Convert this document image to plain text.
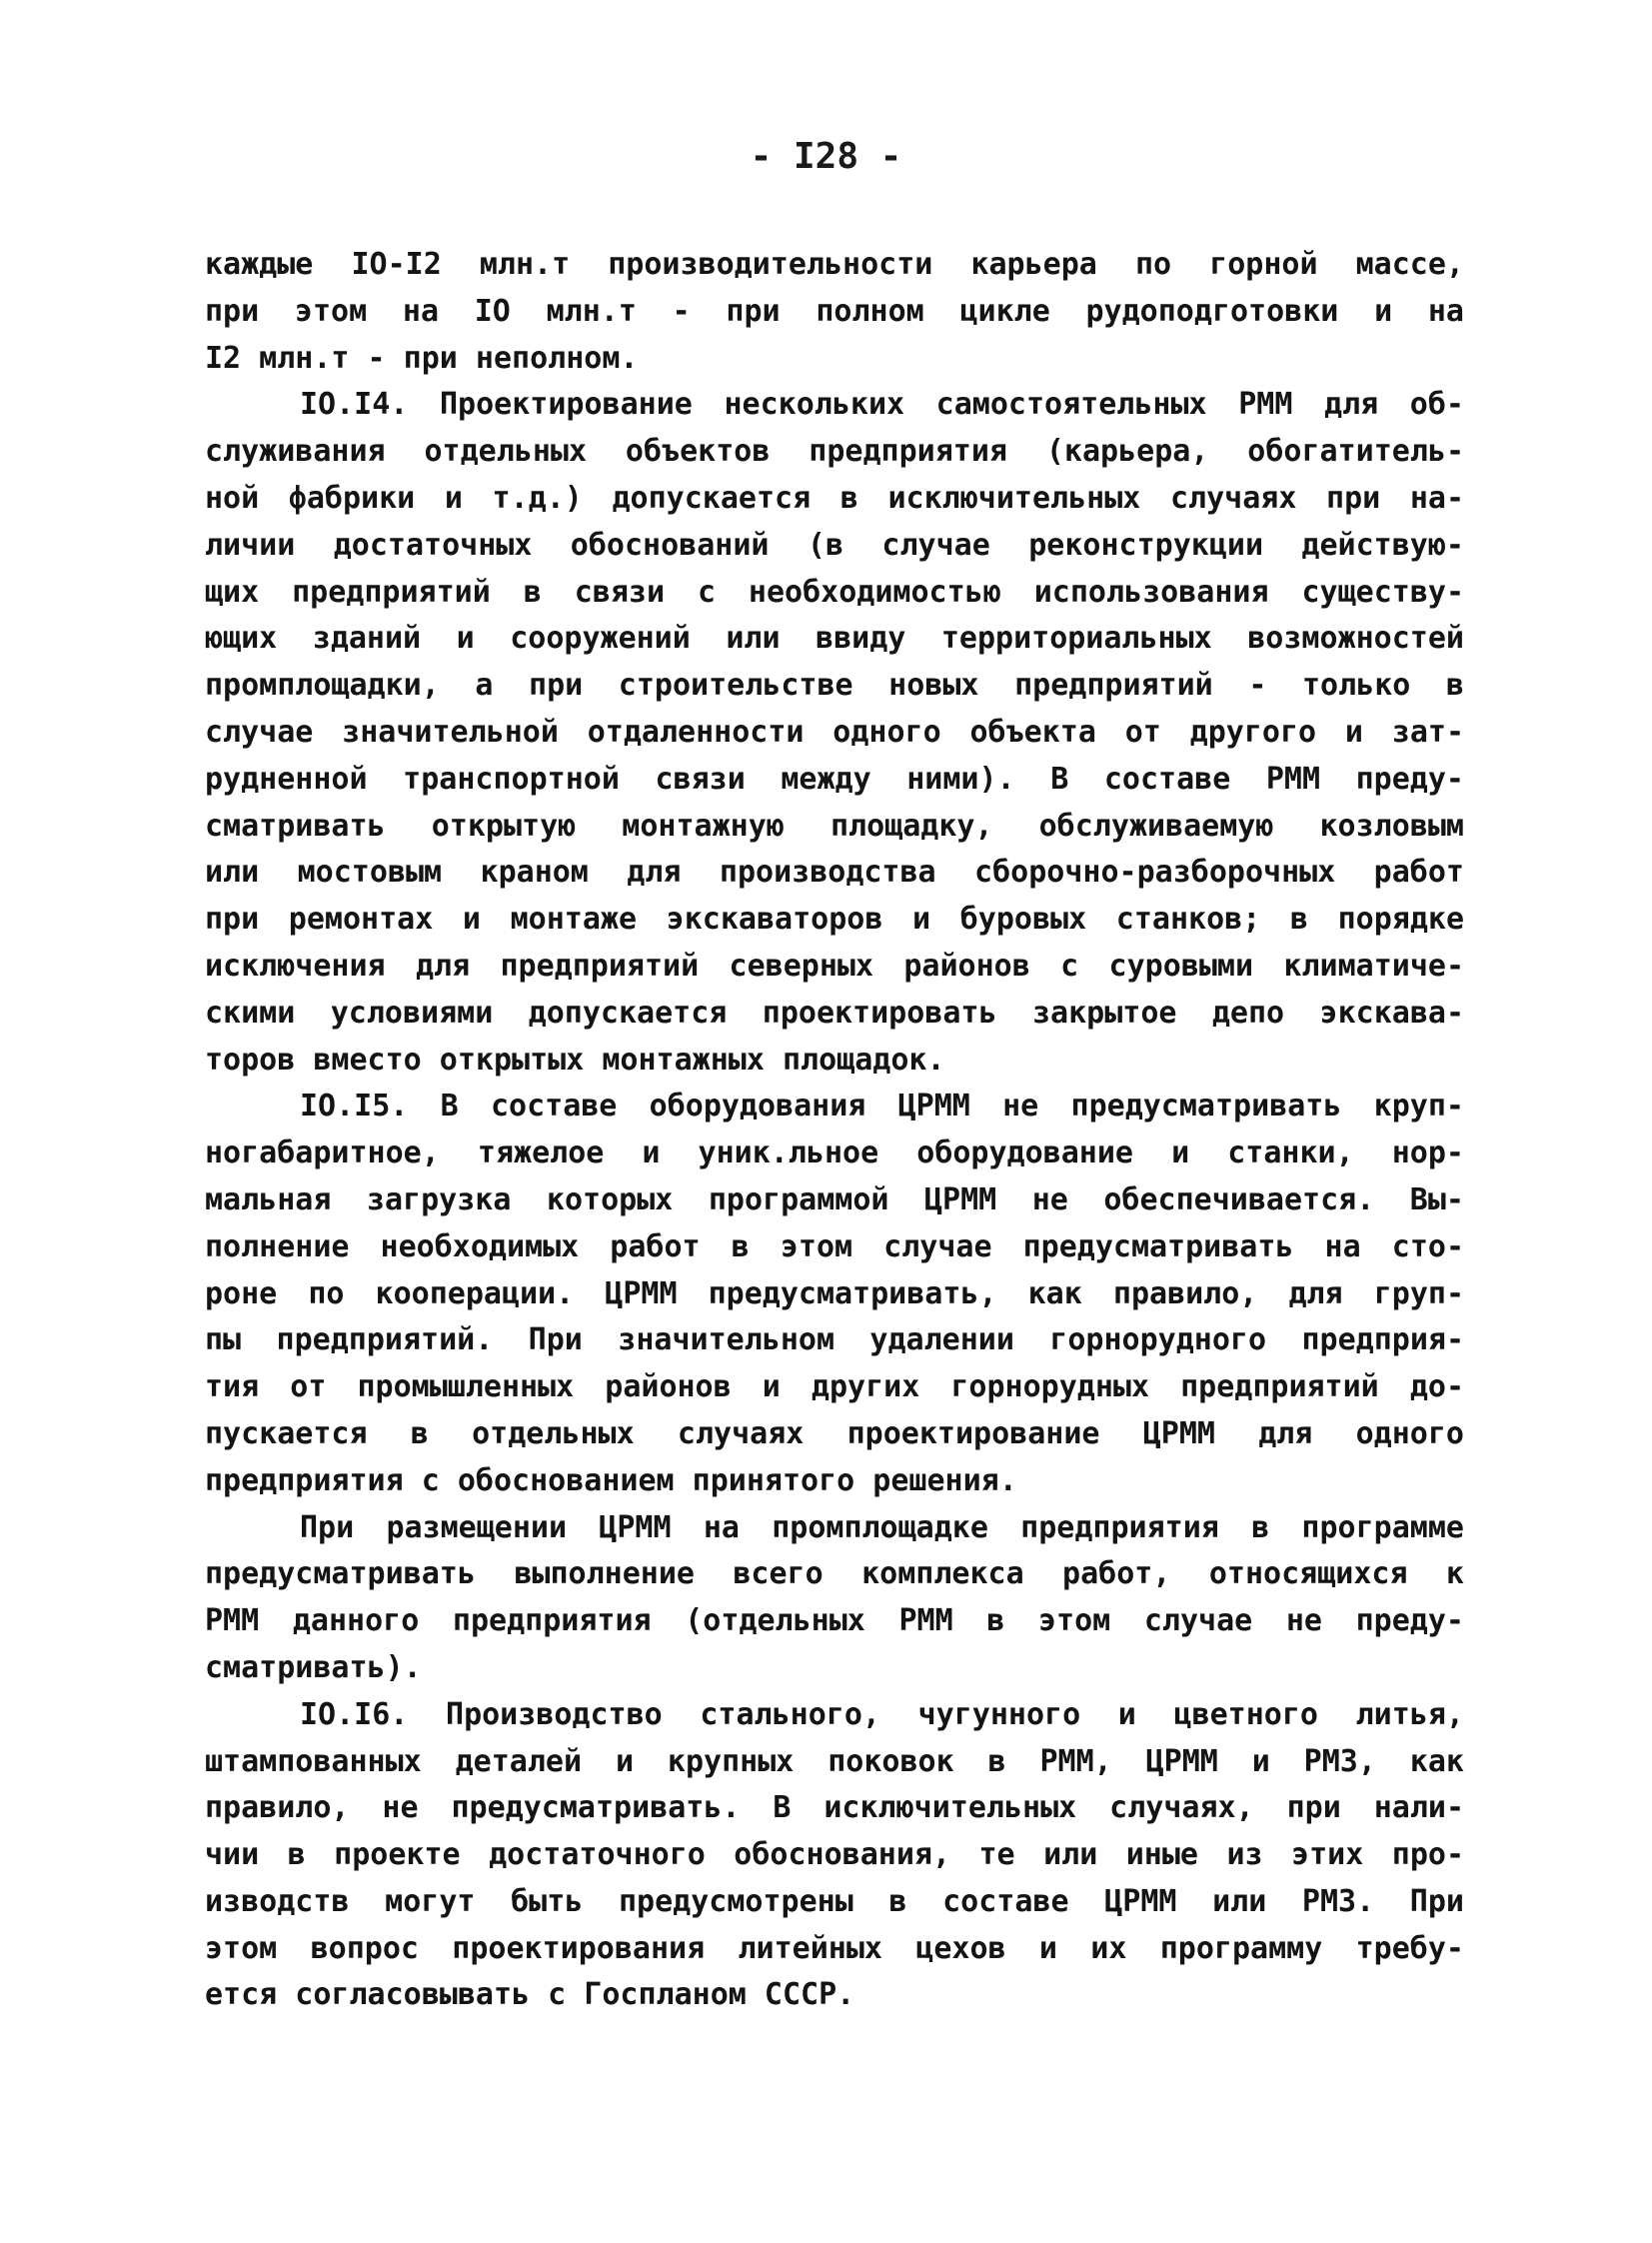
- I28 -
каждые IO-I2 млн.т производительности карьера по горной массе,
при этом на IO млн.т - при полном цикле рудоподготовки и на
I2 млн.т - при неполном.
IO.I4. Проектирование нескольких самостоятельных РММ для об-
служивания отдельных объектов предприятия (карьера, обогатитель-
ной фабрики и т.д.) допускается в исключительных случаях при на-
личии достаточных обоснований (в случае реконструкции действую-
щих предприятий в связи с необходимостью использования существу-
ющих зданий и сооружений или ввиду территориальных возможностей
промплощадки, а при строительстве новых предприятий - только в
случае значительной отдаленности одного объекта от другого и зат-
рудненной транспортной связи между ними). В составе РММ преду-
сматривать открытую монтажную площадку, обслуживаемую козловым
или мостовым краном для производства сборочно-разборочных работ
при ремонтах и монтаже экскаваторов и буровых станков; в порядке
исключения для предприятий северных районов с суровыми климатиче-
скими условиями допускается проектировать закрытое депо экскава-
торов вместо открытых монтажных площадок.
IO.I5. В составе оборудования ЦРММ не предусматривать круп-
ногабаритное, тяжелое и уник.льное оборудование и станки, нор-
мальная загрузка которых программой ЦРММ не обеспечивается. Вы-
полнение необходимых работ в этом случае предусматривать на сто-
роне по кооперации. ЦРММ предусматривать, как правило, для груп-
пы предприятий. При значительном удалении горнорудного предприя-
тия от промышленных районов и других горнорудных предприятий до-
пускается в отдельных случаях проектирование ЦРММ для одного
предприятия с обоснованием принятого решения.
При размещении ЦРММ на промплощадке предприятия в программе
предусматривать выполнение всего комплекса работ, относящихся к
РММ данного предприятия (отдельных РММ в этом случае не преду-
сматривать).
IO.I6. Производство стального, чугунного и цветного литья,
штампованных деталей и крупных поковок в РММ, ЦРММ и РМЗ, как
правило, не предусматривать. В исключительных случаях, при нали-
чии в проекте достаточного обоснования, те или иные из этих про-
изводств могут быть предусмотрены в составе ЦРММ или РМЗ. При
этом вопрос проектирования литейных цехов и их программу требу-
ется согласовывать с Госпланом СССР.
